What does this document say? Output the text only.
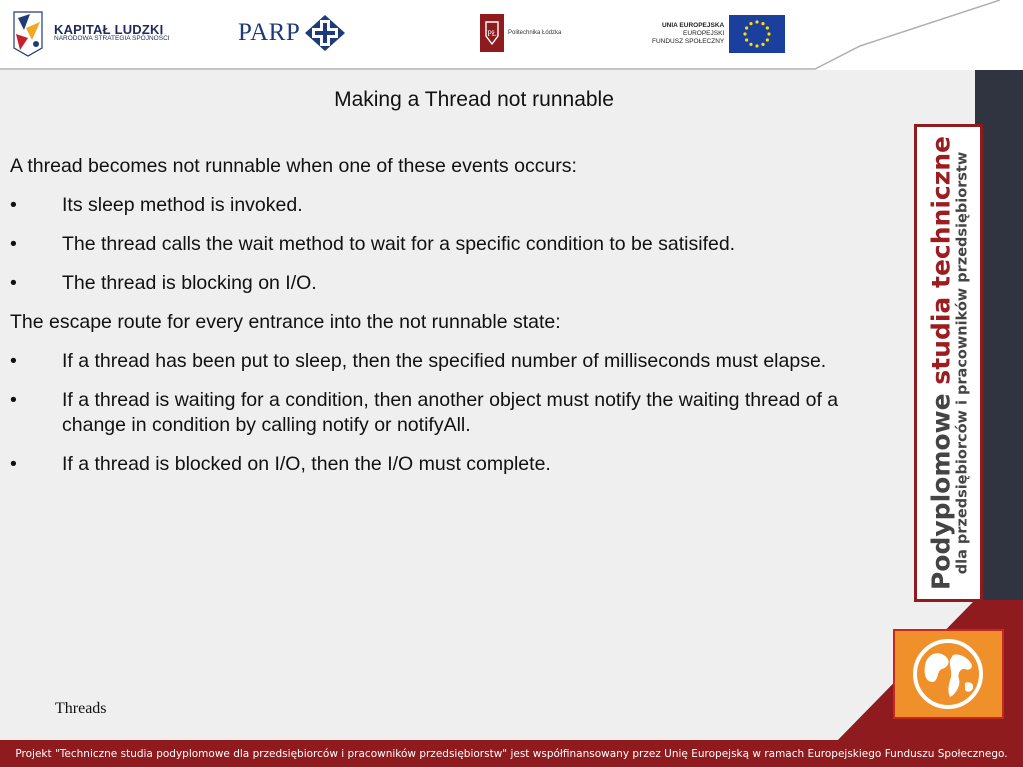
KAPITAŁ LUDZKI
NARODOWA STRATEGIA SPÓJNOŚCI	PARP	PŁ Politechnika Łódzka
UNIA EUROPEJSKA
EUROPEJSKI
FUNDUSZ SPOŁECZNY
Making a Thread not runnable

A thread becomes not runnable when one of these events occurs:

•	Its sleep method is invoked.
•	The thread calls the wait method to wait for a specific condition to be satisifed.
•	The thread is blocking on I/O.

The escape route for every entrance into the not runnable state:

•	If a thread has been put to sleep, then the specified number of milliseconds must elapse.
•	If a thread is waiting for a condition, then another object must notify the waiting thread of a change in condition by calling notify or notifyAll.
•	If a thread is blocked on I/O, then the I/O must complete.
Threads
Podyplomowe studia techniczne dla przedsiębiorców i pracowników przedsiębiorstw
Projekt "Techniczne studia podyplomowe dla przedsiębiorców i pracowników przedsiębiorstw" jest współfinansowany przez Unię Europejską w ramach Europejskiego Funduszu Społecznego.
